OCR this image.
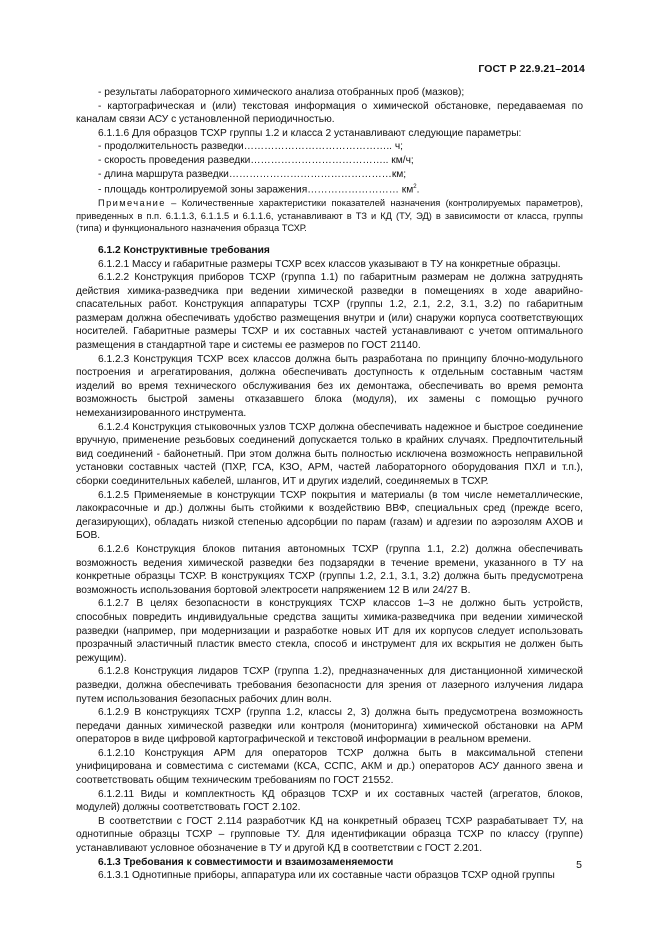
ГОСТ Р 22.9.21–2014

- результаты лабораторного химического анализа отобранных проб (мазков);

- картографическая и (или) текстовая информация о химической обстановке, передаваемая по каналам связи АСУ с установленной периодичностью.

6.1.1.6 Для образцов ТСХР группы 1.2 и класса 2 устанавливают следующие параметры:

- продолжительность разведки…………………………………….. ч;

- скорость проведения разведки………………………………….. км/ч;

- длина маршрута разведки…………………………………………км;

- площадь контролируемой зоны заражения……………………… $км^2$.

Примечание – Количественные характеристики показателей назначения (контролируемых параметров), приведенных в п.п. 6.1.1.3, 6.1.1.5 и 6.1.1.6, устанавливают в ТЗ и КД (ТУ, ЭД) в зависимости от класса, группы (типа) и функционального назначения образца ТСХР.

6.1.2 Конструктивные требования

6.1.2.1 Массу и габаритные размеры ТСХР всех классов указывают в ТУ на конкретные образцы.

6.1.2.2 Конструкция приборов ТСХР (группа 1.1) по габаритным размерам не должна затруднять действия химика-разведчика при ведении химической разведки в помещениях в ходе аварийно-спасательных работ. Конструкция аппаратуры ТСХР (группы 1.2, 2.1, 2.2, 3.1, 3.2) по габаритным размерам должна обеспечивать удобство размещения внутри и (или) снаружи корпуса соответствующих носителей. Габаритные размеры ТСХР и их составных частей устанавливают с учетом оптимального размещения в стандартной таре и системы ее размеров по ГОСТ 21140.

6.1.2.3 Конструкция ТСХР всех классов должна быть разработана по принципу блочно-модульного построения и агрегатирования, должна обеспечивать доступность к отдельным составным частям изделий во время технического обслуживания без их демонтажа, обеспечивать во время ремонта возможность быстрой замены отказавшего блока (модуля), их замены с помощью ручного немеханизированного инструмента.

6.1.2.4 Конструкция стыковочных узлов ТСХР должна обеспечивать надежное и быстрое соединение вручную, применение резьбовых соединений допускается только в крайних случаях. Предпочтительный вид соединений - байонетный. При этом должна быть полностью исключена возможность неправильной установки составных частей (ПХР, ГСА, КЗО, АРМ, частей лабораторного оборудования ПХЛ и т.п.), сборки соединительных кабелей, шлангов, ИТ и других изделий, соединяемых в ТСХР.

6.1.2.5 Применяемые в конструкции ТСХР покрытия и материалы (в том числе неметаллические, лакокрасочные и др.) должны быть стойкими к воздействию ВВФ, специальных сред (прежде всего, дегазирующих), обладать низкой степенью адсорбции по парам (газам) и адгезии по аэрозолям АХОВ и БОВ.

6.1.2.6 Конструкция блоков питания автономных ТСХР (группа 1.1, 2.2) должна обеспечивать возможность ведения химической разведки без подзарядки в течение времени, указанного в ТУ на конкретные образцы ТСХР. В конструкциях ТСХР (группы 1.2, 2.1, 3.1, 3.2) должна быть предусмотрена возможность использования бортовой электросети напряжением 12 В или 24/27 В.

6.1.2.7 В целях безопасности в конструкциях ТСХР классов 1–3 не должно быть устройств, способных повредить индивидуальные средства защиты химика-разведчика при ведении химической разведки (например, при модернизации и разработке новых ИТ для их корпусов следует использовать прозрачный эластичный пластик вместо стекла, способ и инструмент для их вскрытия не должен быть режущим).

6.1.2.8 Конструкция лидаров ТСХР (группа 1.2), предназначенных для дистанционной химической разведки, должна обеспечивать требования безопасности для зрения от лазерного излучения лидара путем использования безопасных рабочих длин волн.

6.1.2.9 В конструкциях ТСХР (группа 1.2, классы 2, 3) должна быть предусмотрена возможность передачи данных химической разведки или контроля (мониторинга) химической обстановки на АРМ операторов в виде цифровой картографической и текстовой информации в реальном времени.

6.1.2.10 Конструкция АРМ для операторов ТСХР должна быть в максимальной степени унифицирована и совместима с системами (КСА, ССПС, АКМ и др.) операторов АСУ данного звена и соответствовать общим техническим требованиям по ГОСТ 21552.

6.1.2.11 Виды и комплектность КД образцов ТСХР и их составных частей (агрегатов, блоков, модулей) должны соответствовать ГОСТ 2.102.

В соответствии с ГОСТ 2.114 разработчик КД на конкретный образец ТСХР разрабатывает ТУ, на однотипные образцы ТСХР – групповые ТУ. Для идентификации образца ТСХР по классу (группе) устанавливают условное обозначение в ТУ и другой КД в соответствии с ГОСТ 2.201.

6.1.3 Требования к совместимости и взаимозаменяемости

6.1.3.1 Однотипные приборы, аппаратура или их составные части образцов ТСХР одной группы

5
